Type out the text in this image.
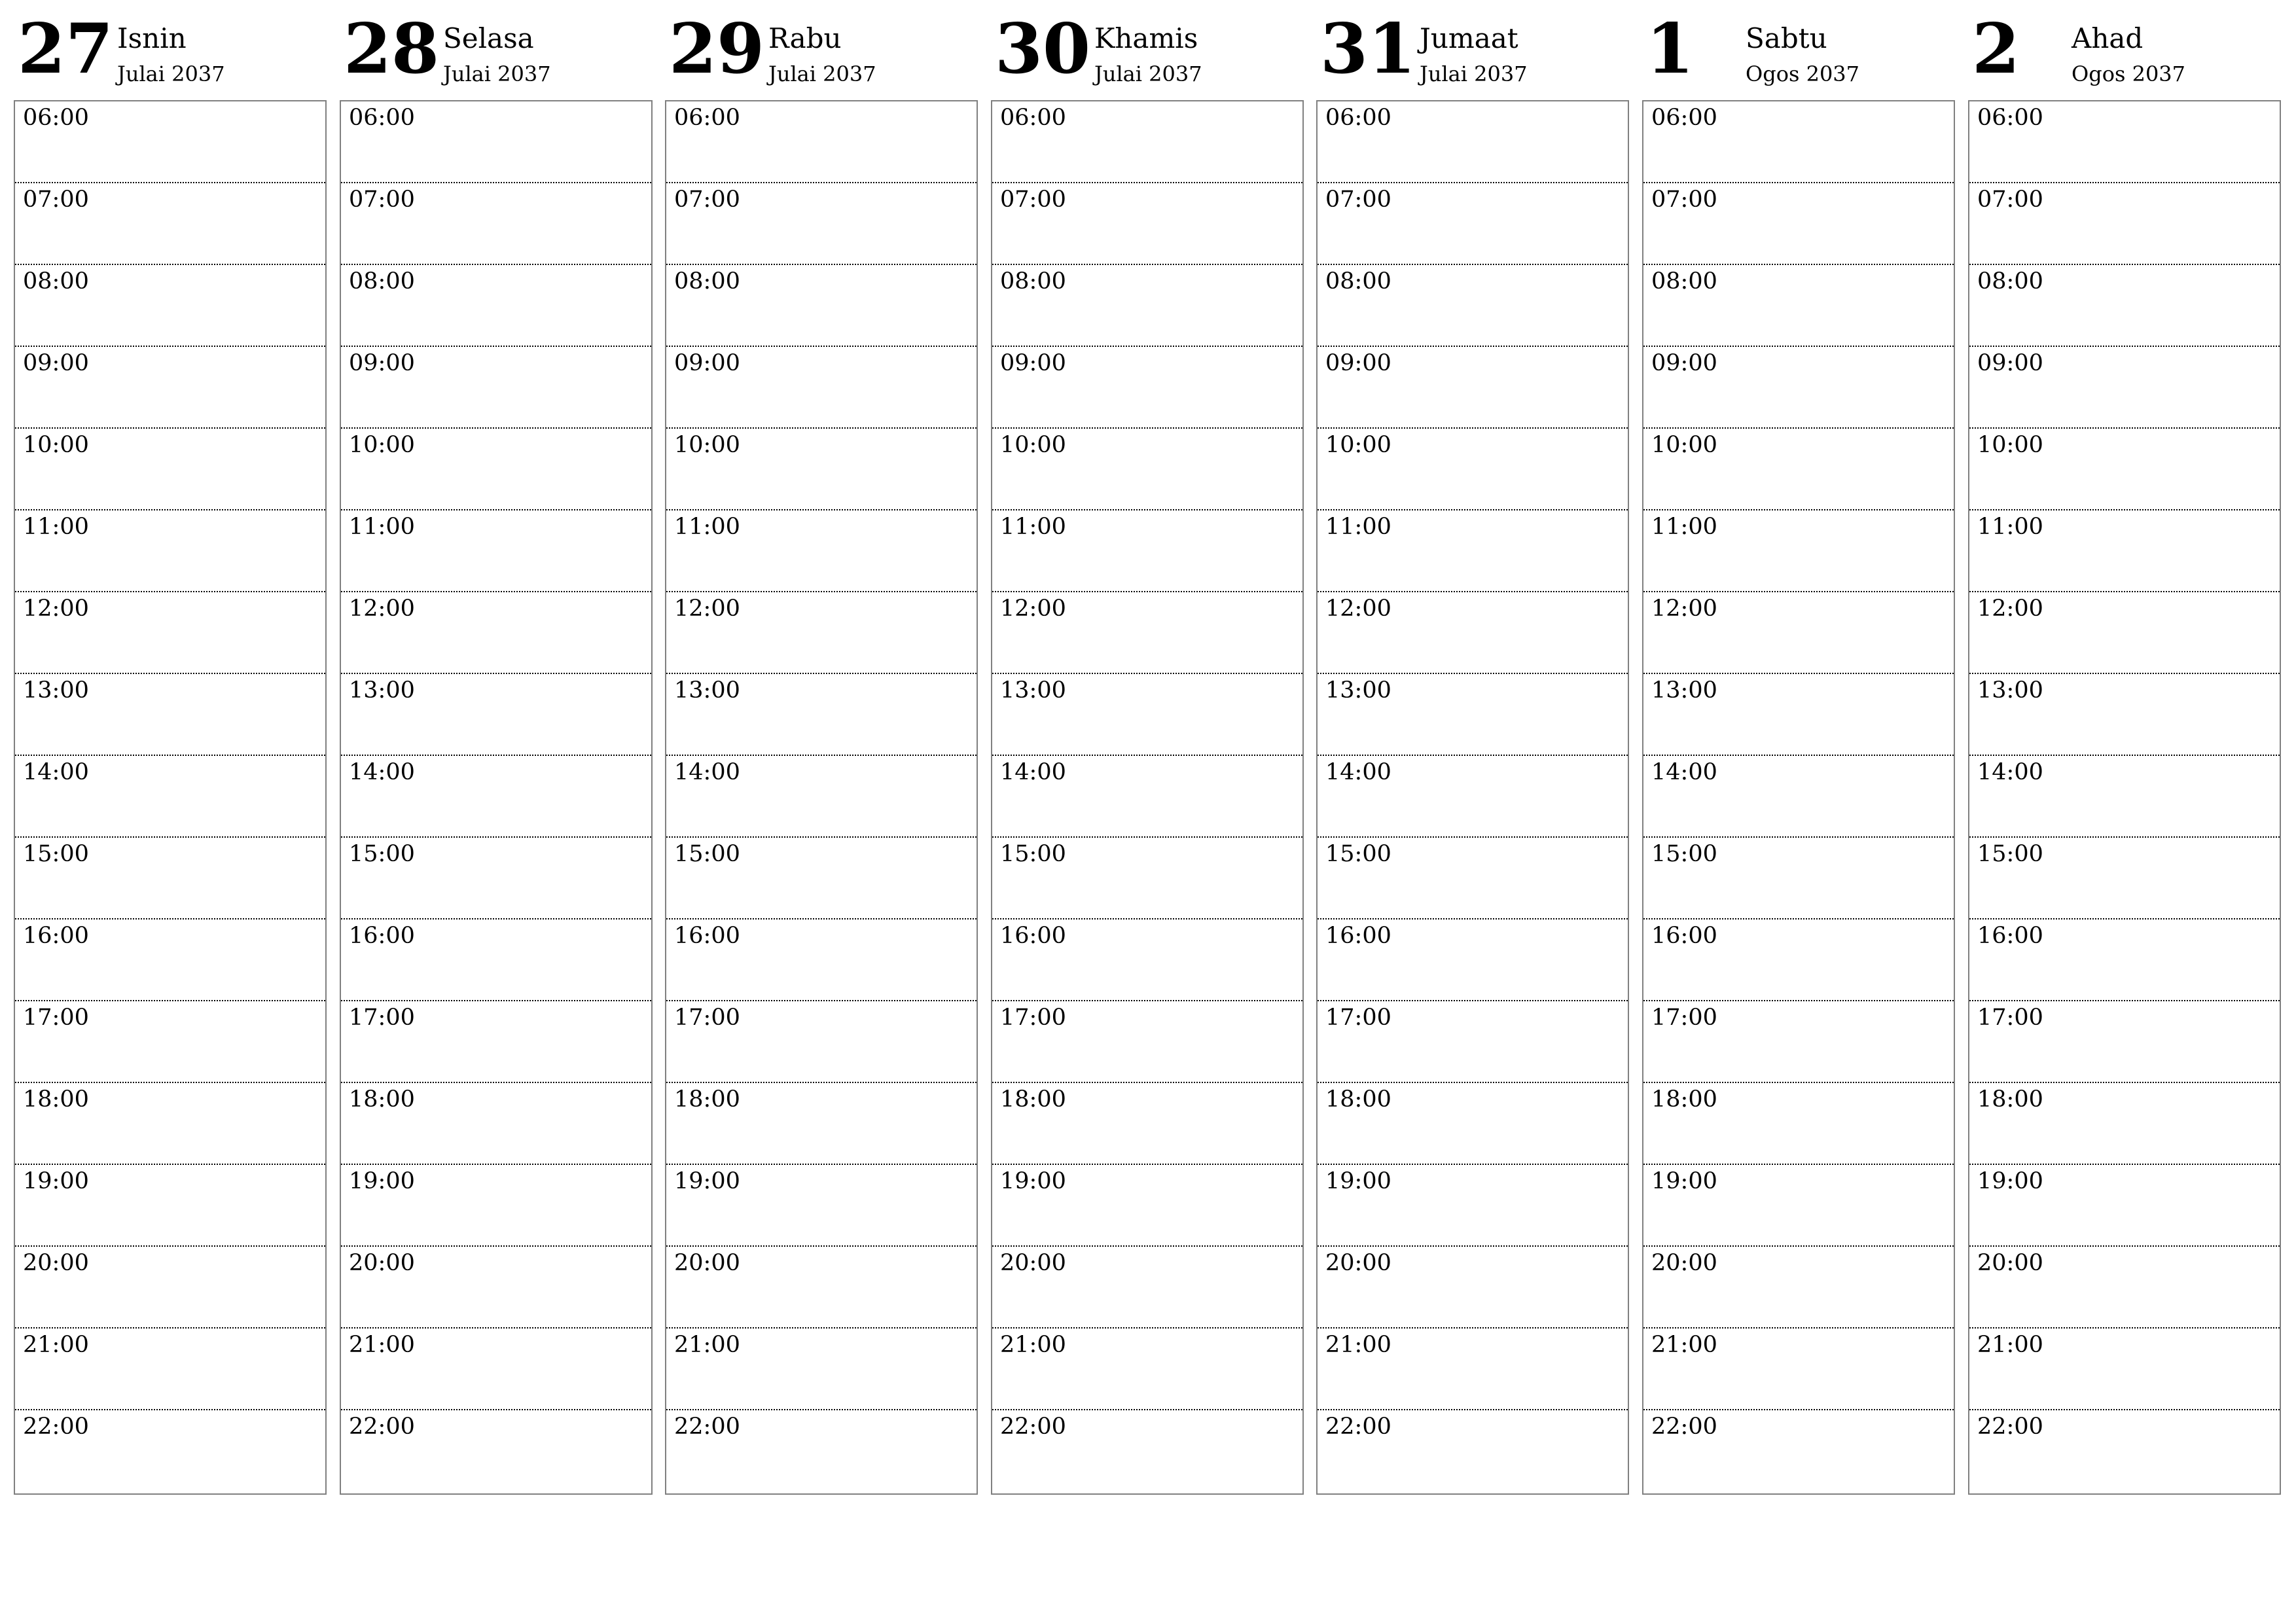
27 Isnin
Julai 2037
06:00
07:00
08:00
09:00
10:00
11:00
12:00
13:00
14:00
15:00
16:00
17:00
18:00
19:00
20:00
21:00
22:00
28 Selasa
Julai 2037
06:00
07:00
08:00
09:00
10:00
11:00
12:00
13:00
14:00
15:00
16:00
17:00
18:00
19:00
20:00
21:00
22:00
29 Rabu
Julai 2037
06:00
07:00
08:00
09:00
10:00
11:00
12:00
13:00
14:00
15:00
16:00
17:00
18:00
19:00
20:00
21:00
22:00
30 Khamis
Julai 2037
06:00
07:00
08:00
09:00
10:00
11:00
12:00
13:00
14:00
15:00
16:00
17:00
18:00
19:00
20:00
21:00
22:00
31 Jumaat
Julai 2037
06:00
07:00
08:00
09:00
10:00
11:00
12:00
13:00
14:00
15:00
16:00
17:00
18:00
19:00
20:00
21:00
22:00
1 Sabtu
Ogos 2037
06:00
07:00
08:00
09:00
10:00
11:00
12:00
13:00
14:00
15:00
16:00
17:00
18:00
19:00
20:00
21:00
22:00
2 Ahad
Ogos 2037
06:00
07:00
08:00
09:00
10:00
11:00
12:00
13:00
14:00
15:00
16:00
17:00
18:00
19:00
20:00
21:00
22:00
